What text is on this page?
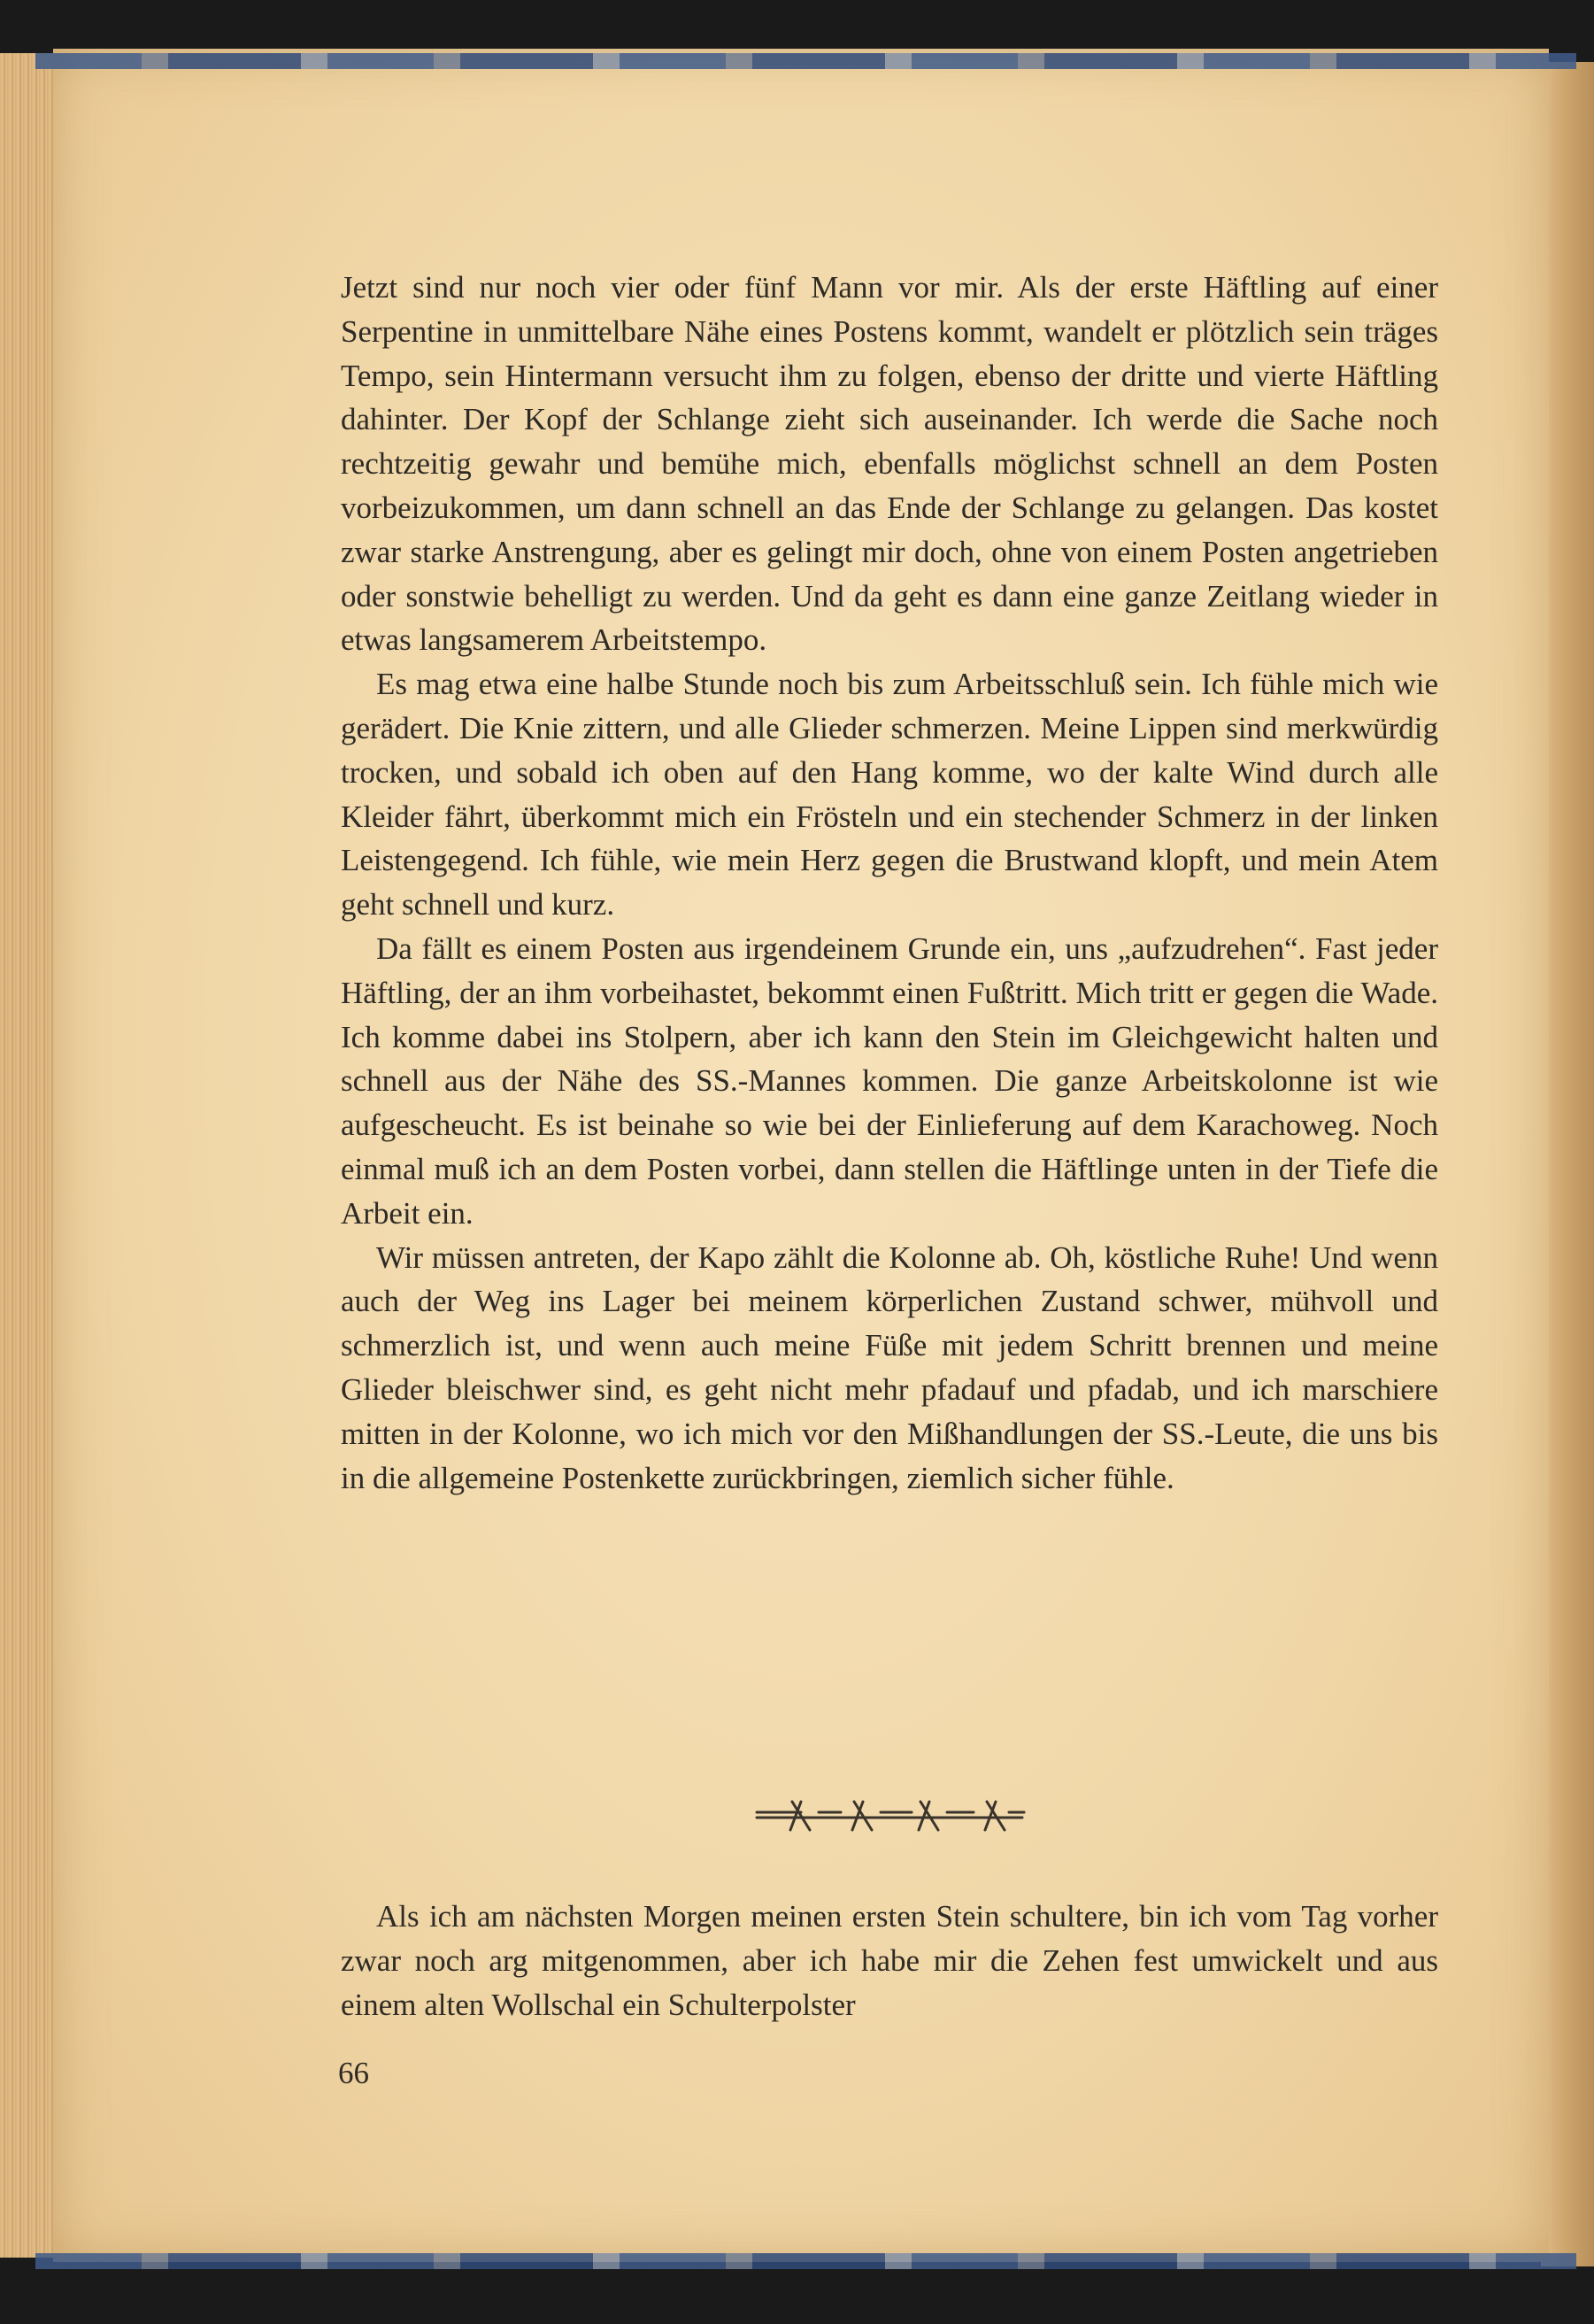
Jetzt sind nur noch vier oder fünf Mann vor mir. Als der erste Häftling auf einer Serpentine in unmittelbare Nähe eines Postens kommt, wandelt er plötzlich sein träges Tempo, sein Hintermann versucht ihm zu folgen, ebenso der dritte und vierte Häftling dahinter. Der Kopf der Schlange zieht sich auseinander. Ich werde die Sache noch rechtzeitig gewahr und bemühe mich, ebenfalls möglichst schnell an dem Posten vorbeizukommen, um dann schnell an das Ende der Schlange zu gelangen. Das kostet zwar starke Anstrengung, aber es gelingt mir doch, ohne von einem Posten angetrieben oder sonstwie behelligt zu werden. Und da geht es dann eine ganze Zeitlang wieder in etwas langsamerem Arbeitstempo.

Es mag etwa eine halbe Stunde noch bis zum Arbeitsschluß sein. Ich fühle mich wie gerädert. Die Knie zittern, und alle Glieder schmerzen. Meine Lippen sind merkwürdig trocken, und sobald ich oben auf den Hang komme, wo der kalte Wind durch alle Kleider fährt, überkommt mich ein Frösteln und ein stechender Schmerz in der linken Leistengegend. Ich fühle, wie mein Herz gegen die Brustwand klopft, und mein Atem geht schnell und kurz.

Da fällt es einem Posten aus irgendeinem Grunde ein, uns „aufzudrehen“. Fast jeder Häftling, der an ihm vorbeihastet, bekommt einen Fußtritt. Mich tritt er gegen die Wade. Ich komme dabei ins Stolpern, aber ich kann den Stein im Gleichgewicht halten und schnell aus der Nähe des SS.-Mannes kommen. Die ganze Arbeitskolonne ist wie aufgescheucht. Es ist beinahe so wie bei der Einlieferung auf dem Karachoweg. Noch einmal muß ich an dem Posten vorbei, dann stellen die Häftlinge unten in der Tiefe die Arbeit ein.

Wir müssen antreten, der Kapo zählt die Kolonne ab. Oh, köstliche Ruhe! Und wenn auch der Weg ins Lager bei meinem körperlichen Zustand schwer, mühvoll und schmerzlich ist, und wenn auch meine Füße mit jedem Schritt brennen und meine Glieder bleischwer sind, es geht nicht mehr pfadauf und pfadab, und ich marschiere mitten in der Kolonne, wo ich mich vor den Mißhandlungen der SS.-Leute, die uns bis in die allgemeine Postenkette zurückbringen, ziemlich sicher fühle.

Als ich am nächsten Morgen meinen ersten Stein schultere, bin ich vom Tag vorher zwar noch arg mitgenommen, aber ich habe mir die Zehen fest umwickelt und aus einem alten Wollschal ein Schulterpolster

66
